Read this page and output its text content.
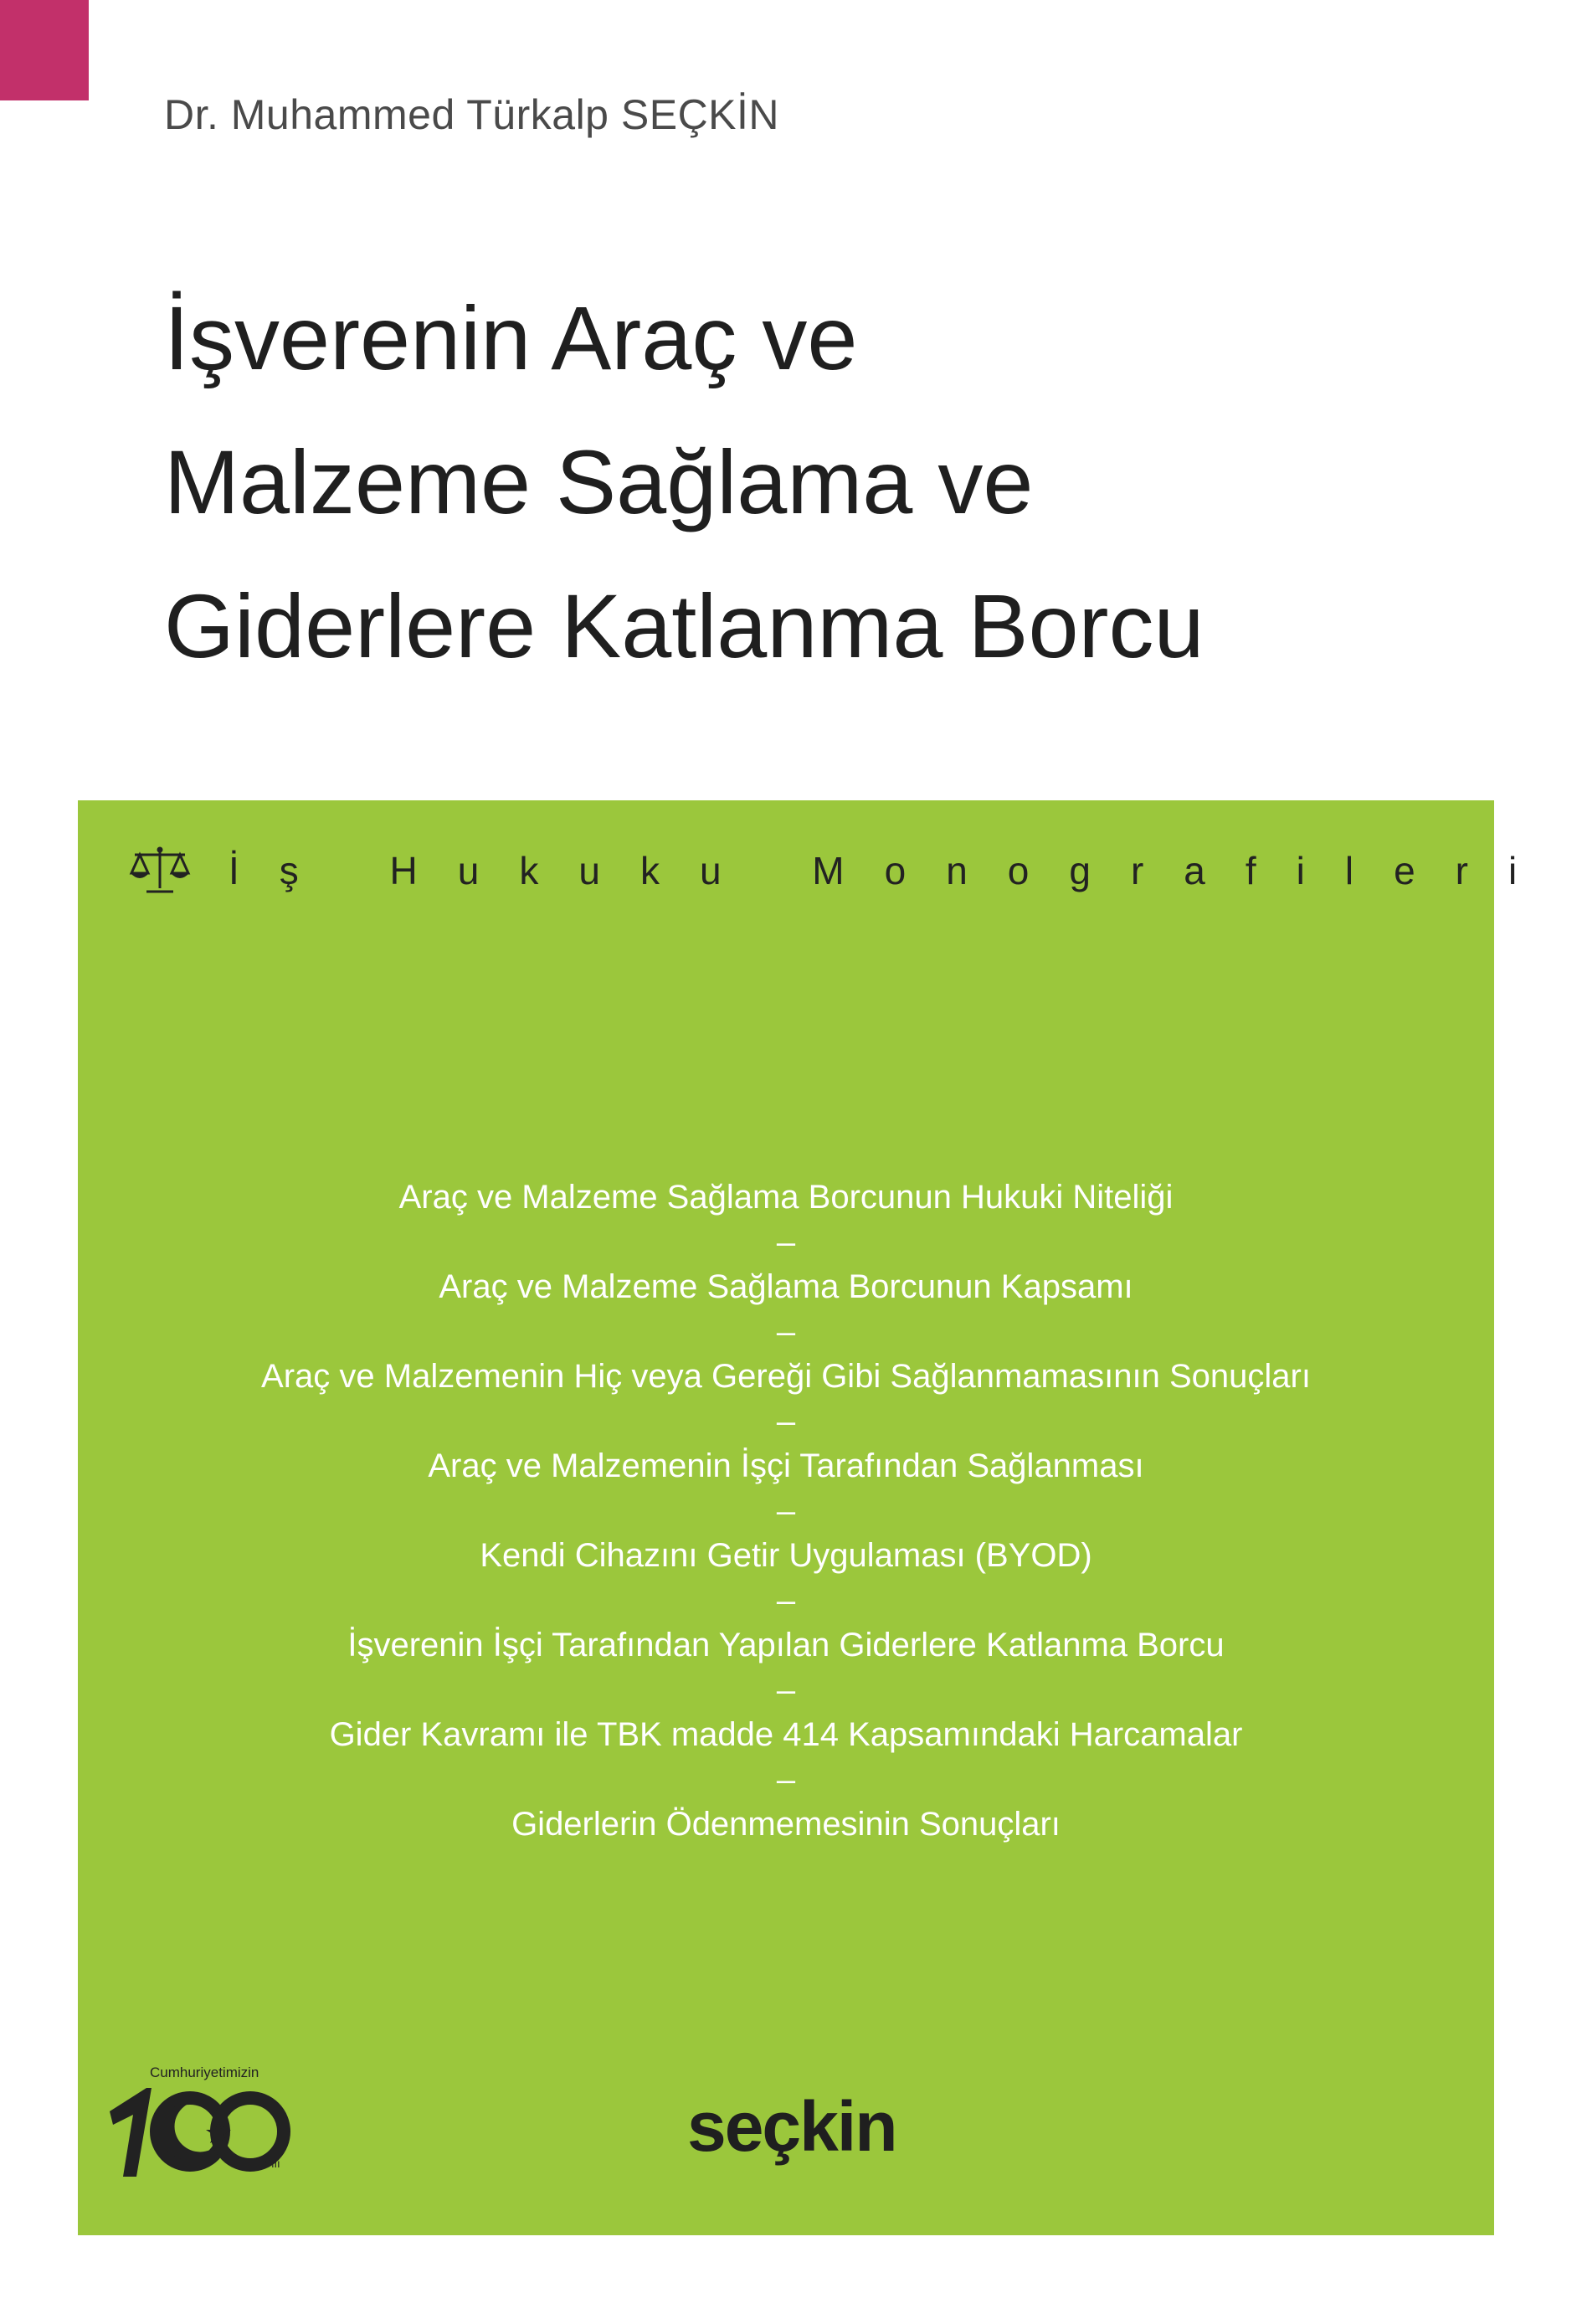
Dr. Muhammed Türkalp SEÇKİN
İşverenin Araç ve
Malzeme Sağlama ve
Giderlere Katlanma Borcu
İş Hukuku Monografileri
Araç ve Malzeme Sağlama Borcunun Hukuki Niteliği
–
Araç ve Malzeme Sağlama Borcunun Kapsamı
–
Araç ve Malzemenin Hiç veya Gereği Gibi Sağlanmamasının Sonuçları
–
Araç ve Malzemenin İşçi Tarafından Sağlanması
–
Kendi Cihazını Getir Uygulaması (BYOD)
–
İşverenin İşçi Tarafından Yapılan Giderlere Katlanma Borcu
–
Gider Kavramı ile TBK madde 414 Kapsamındaki Harcamalar
–
Giderlerin Ödenmemesinin Sonuçları
Cumhuriyetimizin
. Yılı	seçkin
